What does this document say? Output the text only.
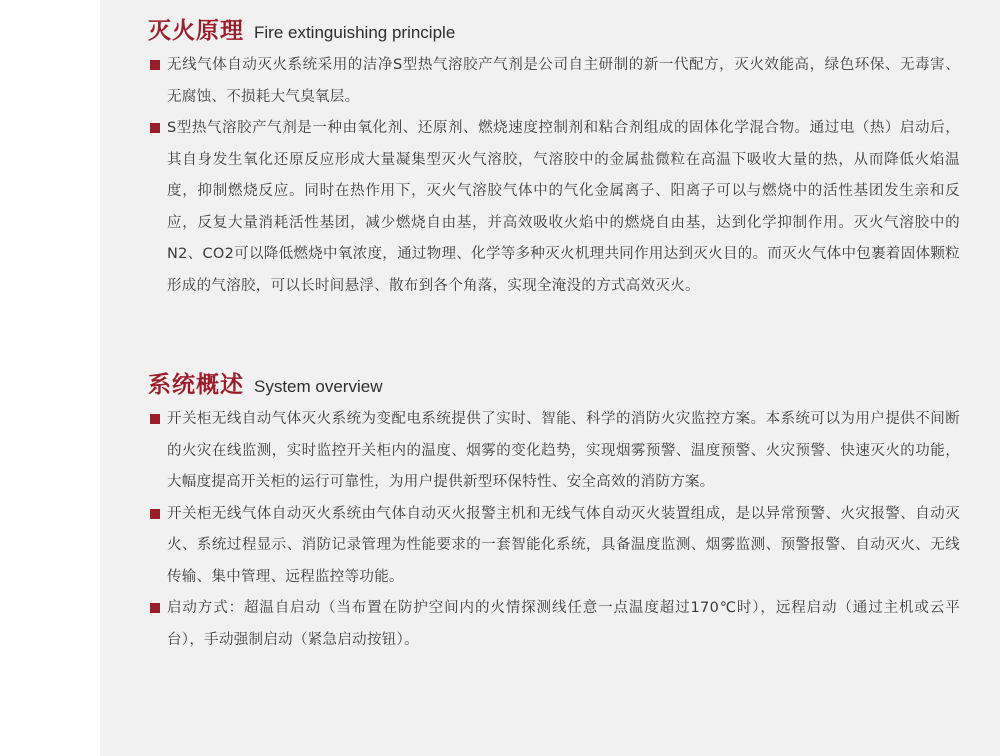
灭火原理 Fire extinguishing principle
无线气体自动灭火系统采用的洁净S型热气溶胶产气剂是公司自主研制的新一代配方，灭火效能高，绿色环保、无毒害、无腐蚀、不损耗大气臭氧层。
S型热气溶胶产气剂是一种由氧化剂、还原剂、燃烧速度控制剂和粘合剂组成的固体化学混合物。通过电（热）启动后，其自身发生氧化还原反应形成大量凝集型灭火气溶胶，气溶胶中的金属盐微粒在高温下吸收大量的热，从而降低火焰温度，抑制燃烧反应。同时在热作用下，灭火气溶胶气体中的气化金属离子、阳离子可以与燃烧中的活性基团发生亲和反应，反复大量消耗活性基团，减少燃烧自由基，并高效吸收火焰中的燃烧自由基，达到化学抑制作用。灭火气溶胶中的N2、CO2可以降低燃烧中氧浓度，通过物理、化学等多种灭火机理共同作用达到灭火目的。而灭火气体中包裹着固体颗粒形成的气溶胶，可以长时间悬浮、散布到各个角落，实现全淹没的方式高效灭火。
系统概述 System overview
开关柜无线自动气体灭火系统为变配电系统提供了实时、智能、科学的消防火灾监控方案。本系统可以为用户提供不间断的火灾在线监测，实时监控开关柜内的温度、烟雾的变化趋势，实现烟雾预警、温度预警、火灾预警、快速灭火的功能，大幅度提高开关柜的运行可靠性，为用户提供新型环保特性、安全高效的消防方案。
开关柜无线气体自动灭火系统由气体自动灭火报警主机和无线气体自动灭火装置组成，是以异常预警、火灾报警、自动灭火、系统过程显示、消防记录管理为性能要求的一套智能化系统，具备温度监测、烟雾监测、预警报警、自动灭火、无线传输、集中管理、远程监控等功能。
启动方式：超温自启动（当布置在防护空间内的火情探测线任意一点温度超过170℃时），远程启动（通过主机或云平台），手动强制启动（紧急启动按钮）。
